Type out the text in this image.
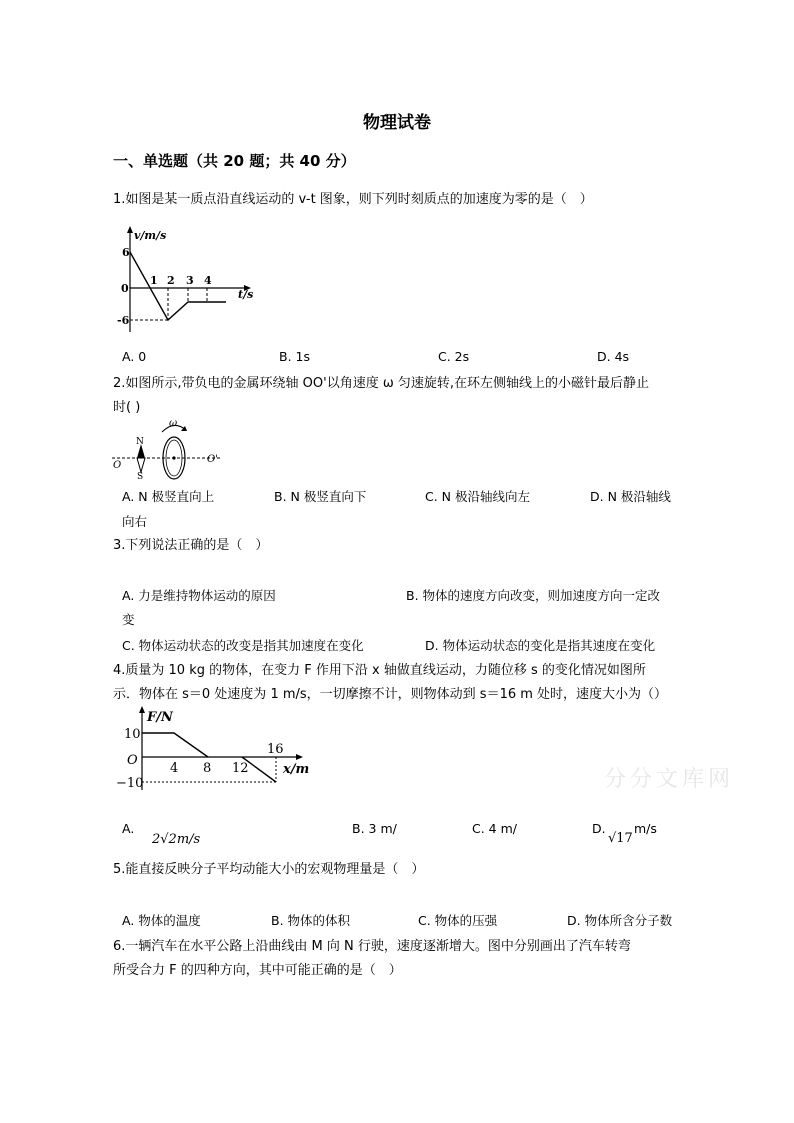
物理试卷
一、单选题（共 20 题；共 40 分）
1.如图是某一质点沿直线运动的 v-t 图象，则下列时刻质点的加速度为零的是（　）
v/m/s
6
0
-6
1 2 3 4
t/s
A. 0	B. 1s	C. 2s	D. 4s
2.如图所示,带负电的金属环绕轴 OO'以角速度 ω 匀速旋转,在环左侧轴线上的小磁针最后静止
时( )
ω
N
S
O
O'
A. N 极竖直向上	B. N 极竖直向下	C. N 极沿轴线向左	D. N 极沿轴线
向右
3.下列说法正确的是（　）
A. 力是维持物体运动的原因	B. 物体的速度方向改变，则加速度方向一定改
变
C. 物体运动状态的改变是指其加速度在变化	D. 物体运动状态的变化是指其速度在变化
4.质量为 10 kg 的物体，在变力 F 作用下沿 x 轴做直线运动，力随位移 s 的变化情况如图所
示．物体在 s＝0 处速度为 1 m/s，一切摩擦不计，则物体动到 s＝16 m 处时，速度大小为（）
F/N
10
O
−10
4 8 12
16
x/m
A.
2√2m/s
B. 3 m/	C. 4 m/	D.
√17
m/s
5.能直接反映分子平均动能大小的宏观物理量是（　）
A. 物体的温度	B. 物体的体积	C. 物体的压强	D. 物体所含分子数
6.一辆汽车在水平公路上沿曲线由 M 向 N 行驶，速度逐渐增大。图中分别画出了汽车转弯
所受合力 F 的四种方向，其中可能正确的是（　）
分分文库网
